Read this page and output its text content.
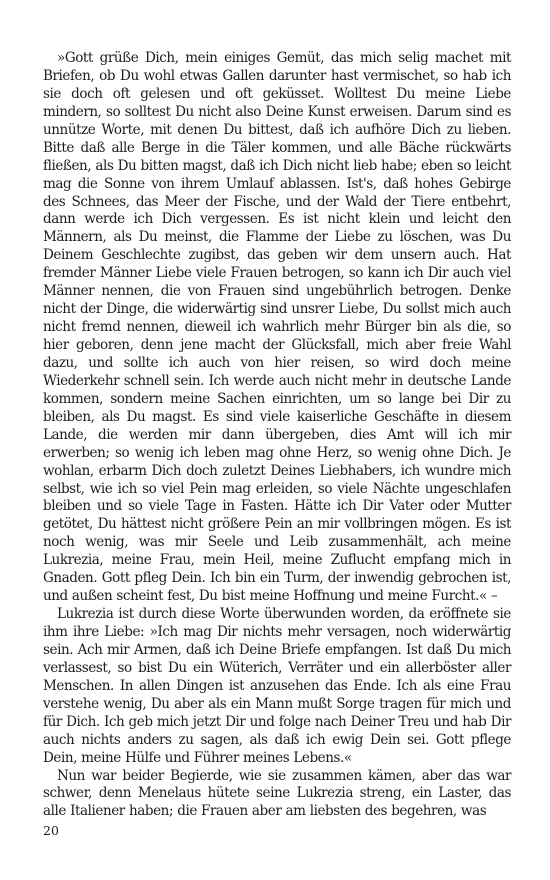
»Gott grüße Dich, mein einiges Gemüt, das mich selig machet mit Briefen, ob Du wohl etwas Gallen darunter hast vermischet, so hab ich sie doch oft gelesen und oft geküsset. Wolltest Du meine Liebe mindern, so solltest Du nicht also Deine Kunst erweisen. Darum sind es unnütze Worte, mit denen Du bittest, daß ich aufhöre Dich zu lieben. Bitte daß alle Berge in die Täler kommen, und alle Bäche rückwärts fließen, als Du bitten magst, daß ich Dich nicht lieb habe; eben so leicht mag die Sonne von ihrem Umlauf ablassen. Ist's, daß hohes Gebirge des Schnees, das Meer der Fische, und der Wald der Tiere entbehrt, dann werde ich Dich vergessen. Es ist nicht klein und leicht den Männern, als Du meinst, die Flamme der Liebe zu löschen, was Du Deinem Geschlechte zugibst, das geben wir dem unsern auch. Hat fremder Männer Liebe viele Frauen betrogen, so kann ich Dir auch viel Männer nennen, die von Frauen sind ungebührlich betrogen. Denke nicht der Dinge, die widerwärtig sind unsrer Liebe, Du sollst mich auch nicht fremd nennen, dieweil ich wahrlich mehr Bürger bin als die, so hier geboren, denn jene macht der Glücksfall, mich aber freie Wahl dazu, und sollte ich auch von hier reisen, so wird doch meine Wiederkehr schnell sein. Ich werde auch nicht mehr in deutsche Lande kommen, sondern meine Sachen einrichten, um so lange bei Dir zu bleiben, als Du magst. Es sind viele kaiserliche Geschäfte in diesem Lande, die werden mir dann übergeben, dies Amt will ich mir erwerben; so wenig ich leben mag ohne Herz, so wenig ohne Dich. Je wohlan, erbarm Dich doch zuletzt Deines Liebhabers, ich wundre mich selbst, wie ich so viel Pein mag erleiden, so viele Nächte ungeschlafen bleiben und so viele Tage in Fasten. Hätte ich Dir Vater oder Mutter getötet, Du hättest nicht größere Pein an mir vollbringen mögen. Es ist noch wenig, was mir Seele und Leib zusammenhält, ach meine Lukrezia, meine Frau, mein Heil, meine Zuflucht empfang mich in Gnaden. Gott pfleg Dein. Ich bin ein Turm, der inwendig gebrochen ist, und außen scheint fest, Du bist meine Hoffnung und meine Furcht.« –

Lukrezia ist durch diese Worte überwunden worden, da eröffnete sie ihm ihre Liebe: »Ich mag Dir nichts mehr versagen, noch widerwärtig sein. Ach mir Armen, daß ich Deine Briefe empfangen. Ist daß Du mich verlassest, so bist Du ein Wüterich, Verräter und ein allerböster aller Menschen. In allen Dingen ist anzusehen das Ende. Ich als eine Frau verstehe wenig, Du aber als ein Mann mußt Sorge tragen für mich und für Dich. Ich geb mich jetzt Dir und folge nach Deiner Treu und hab Dir auch nichts anders zu sagen, als daß ich ewig Dein sei. Gott pflege Dein, meine Hülfe und Führer meines Lebens.«

Nun war beider Begierde, wie sie zusammen kämen, aber das war schwer, denn Menelaus hütete seine Lukrezia streng, ein Laster, das alle Italiener haben; die Frauen aber am liebsten des begehren, was

20
